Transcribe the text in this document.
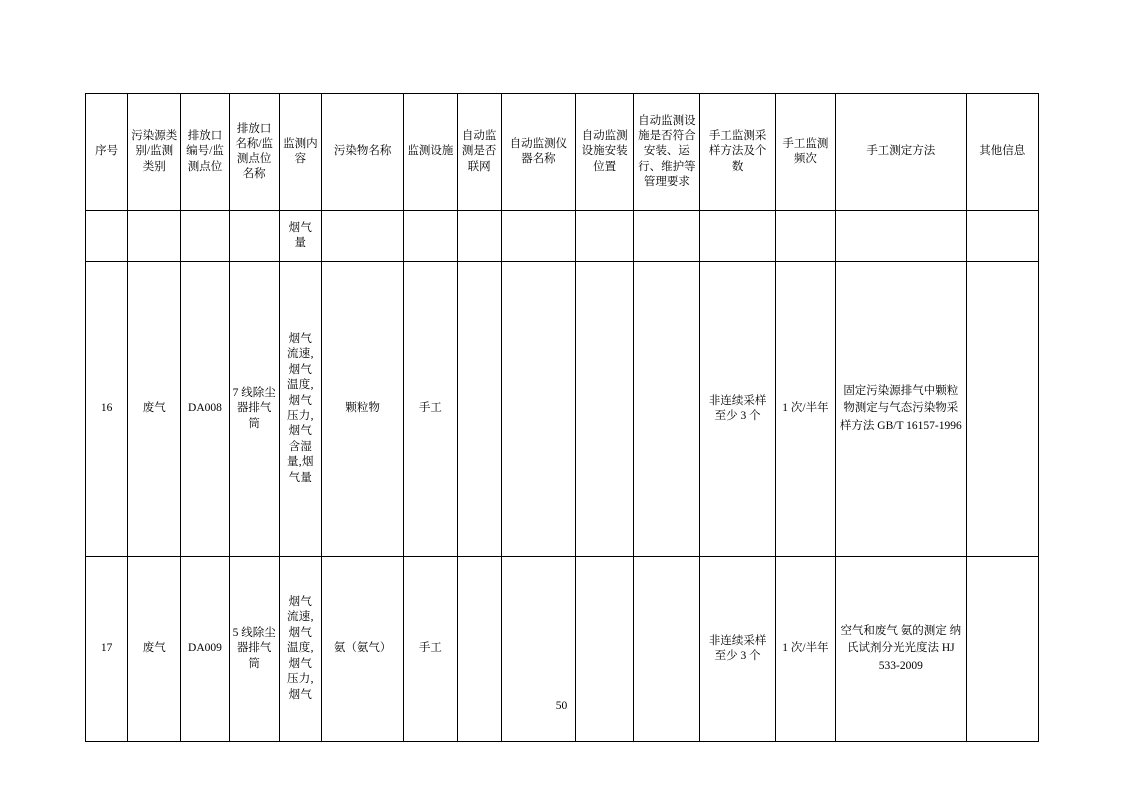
序号	污染源类别/监测类别	排放口编号/监测点位	排放口名称/监测点位名称	监测内容	污染物名称	监测设施	自动监测是否联网	自动监测仪器名称	自动监测设施安装位置	自动监测设施是否符合安装、运行、维护等管理要求	手工监测采样方法及个数	手工监测频次	手工测定方法	其他信息
				烟气量										
16	废气	DA008	7 线除尘器排气筒	烟气流速,烟气温度,烟气压力,烟气含湿量,烟气量	颗粒物	手工					非连续采样至少 3 个	1 次/半年	固定污染源排气中颗粒物测定与气态污染物采样方法 GB/T 16157-1996	
17	废气	DA009	5 线除尘器排气筒	烟气流速,烟气温度,烟气压力,烟气	氨（氨气）	手工					非连续采样至少 3 个	1 次/半年	空气和废气 氨的测定 纳氏试剂分光光度法 HJ 533-2009	
50
